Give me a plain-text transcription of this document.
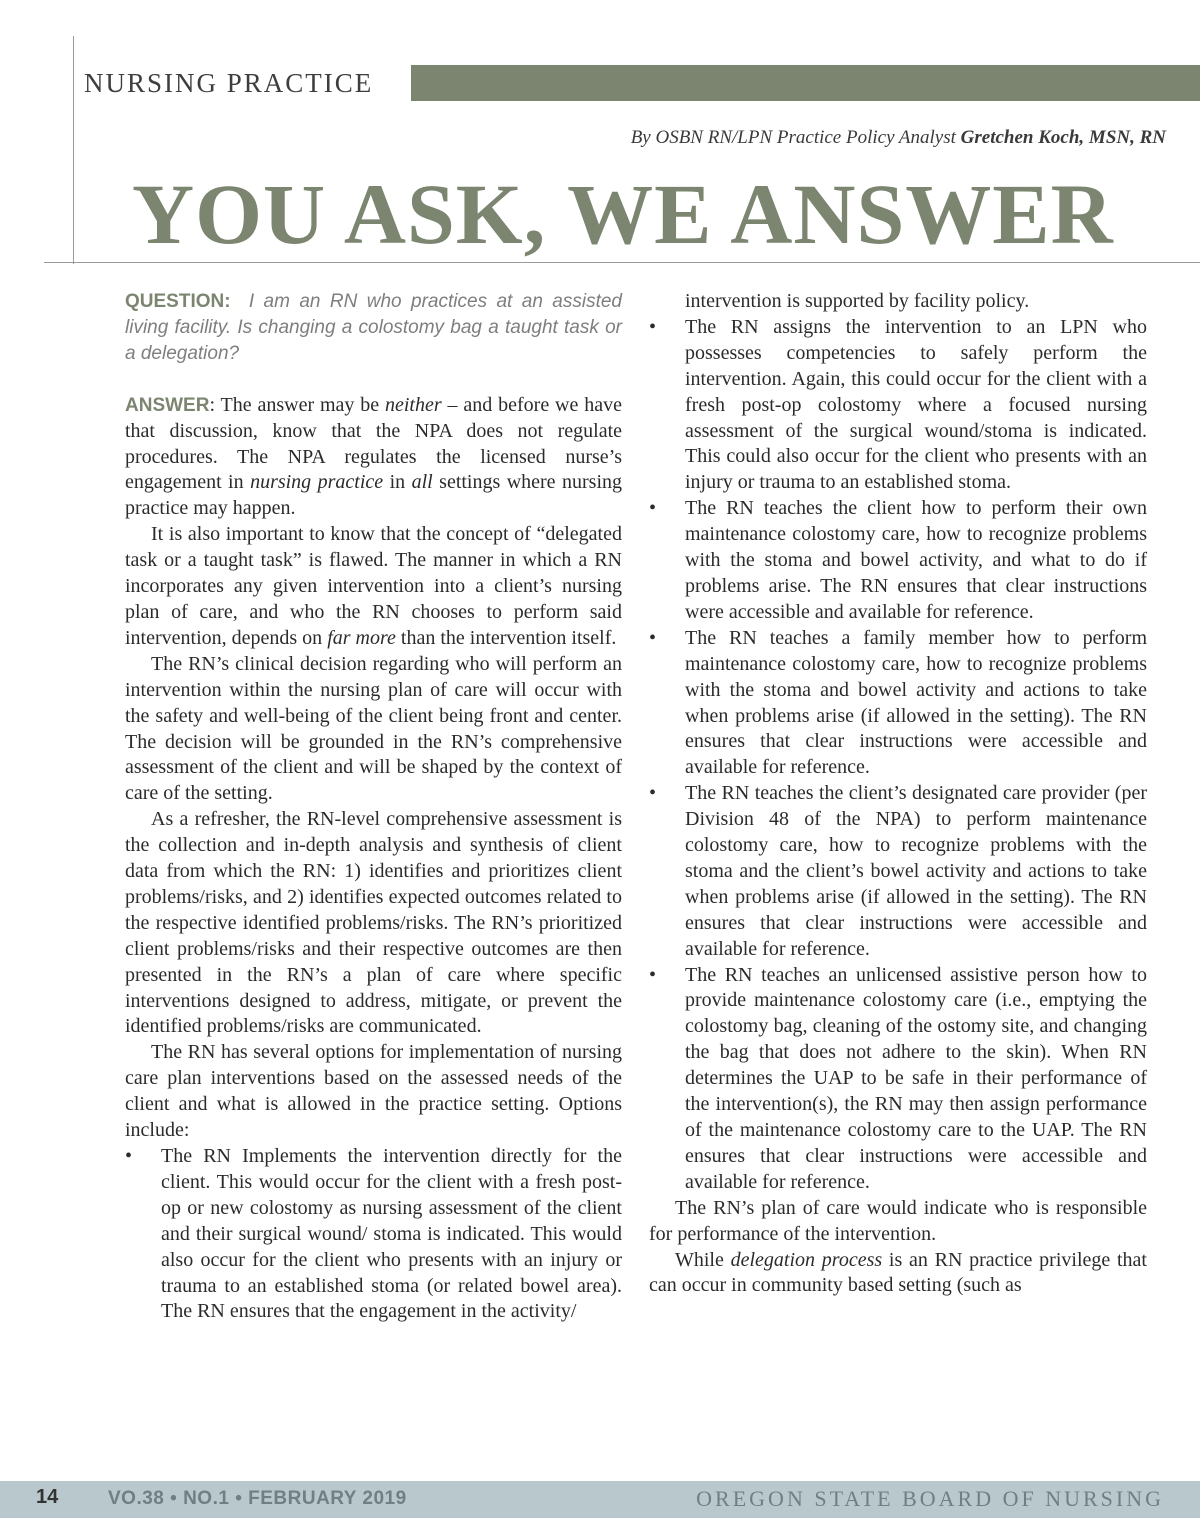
NURSING PRACTICE
By OSBN RN/LPN Practice Policy Analyst Gretchen Koch, MSN, RN
YOU ASK, WE ANSWER

QUESTION: I am an RN who practices at an assisted living facility. Is changing a colostomy bag a taught task or a delegation?

ANSWER: The answer may be neither – and before we have that discussion, know that the NPA does not regulate procedures. The NPA regulates the licensed nurse’s engagement in nursing practice in all settings where nursing practice may happen.

It is also important to know that the concept of “delegated task or a taught task” is flawed. The manner in which a RN incorporates any given intervention into a client’s nursing plan of care, and who the RN chooses to perform said intervention, depends on far more than the intervention itself.

The RN’s clinical decision regarding who will perform an intervention within the nursing plan of care will occur with the safety and well-being of the client being front and center. The decision will be grounded in the RN’s comprehensive assessment of the client and will be shaped by the context of care of the setting.

As a refresher, the RN-level comprehensive assessment is the collection and in-depth analysis and synthesis of client data from which the RN: 1) identifies and prioritizes client problems/risks, and 2) identifies expected outcomes related to the respective identified problems/risks. The RN’s prioritized client problems/risks and their respective outcomes are then presented in the RN’s a plan of care where specific interventions designed to address, mitigate, or prevent the identified problems/risks are communicated.

The RN has several options for implementation of nursing care plan interventions based on the assessed needs of the client and what is allowed in the practice setting. Options include:

• The RN Implements the intervention directly for the client. This would occur for the client with a fresh post-op or new colostomy as nursing assessment of the client and their surgical wound/ stoma is indicated. This would also occur for the client who presents with an injury or trauma to an established stoma (or related bowel area). The RN ensures that the engagement in the activity/

intervention is supported by facility policy.

• The RN assigns the intervention to an LPN who possesses competencies to safely perform the intervention. Again, this could occur for the client with a fresh post-op colostomy where a focused nursing assessment of the surgical wound/stoma is indicated. This could also occur for the client who presents with an injury or trauma to an established stoma.
• The RN teaches the client how to perform their own maintenance colostomy care, how to recognize problems with the stoma and bowel activity, and what to do if problems arise. The RN ensures that clear instructions were accessible and available for reference.
• The RN teaches a family member how to perform maintenance colostomy care, how to recognize problems with the stoma and bowel activity and actions to take when problems arise (if allowed in the setting). The RN ensures that clear instructions were accessible and available for reference.
• The RN teaches the client’s designated care provider (per Division 48 of the NPA) to perform maintenance colostomy care, how to recognize problems with the stoma and the client’s bowel activity and actions to take when problems arise (if allowed in the setting). The RN ensures that clear instructions were accessible and available for reference.
• The RN teaches an unlicensed assistive person how to provide maintenance colostomy care (i.e., emptying the colostomy bag, cleaning of the ostomy site, and changing the bag that does not adhere to the skin). When RN determines the UAP to be safe in their performance of the intervention(s), the RN may then assign performance of the maintenance colostomy care to the UAP. The RN ensures that clear instructions were accessible and available for reference.

The RN’s plan of care would indicate who is responsible for performance of the intervention.

While delegation process is an RN practice privilege that can occur in community based setting (such as

14	VO.38 • NO.1 • FEBRUARY 2019	OREGON STATE BOARD OF NURSING
